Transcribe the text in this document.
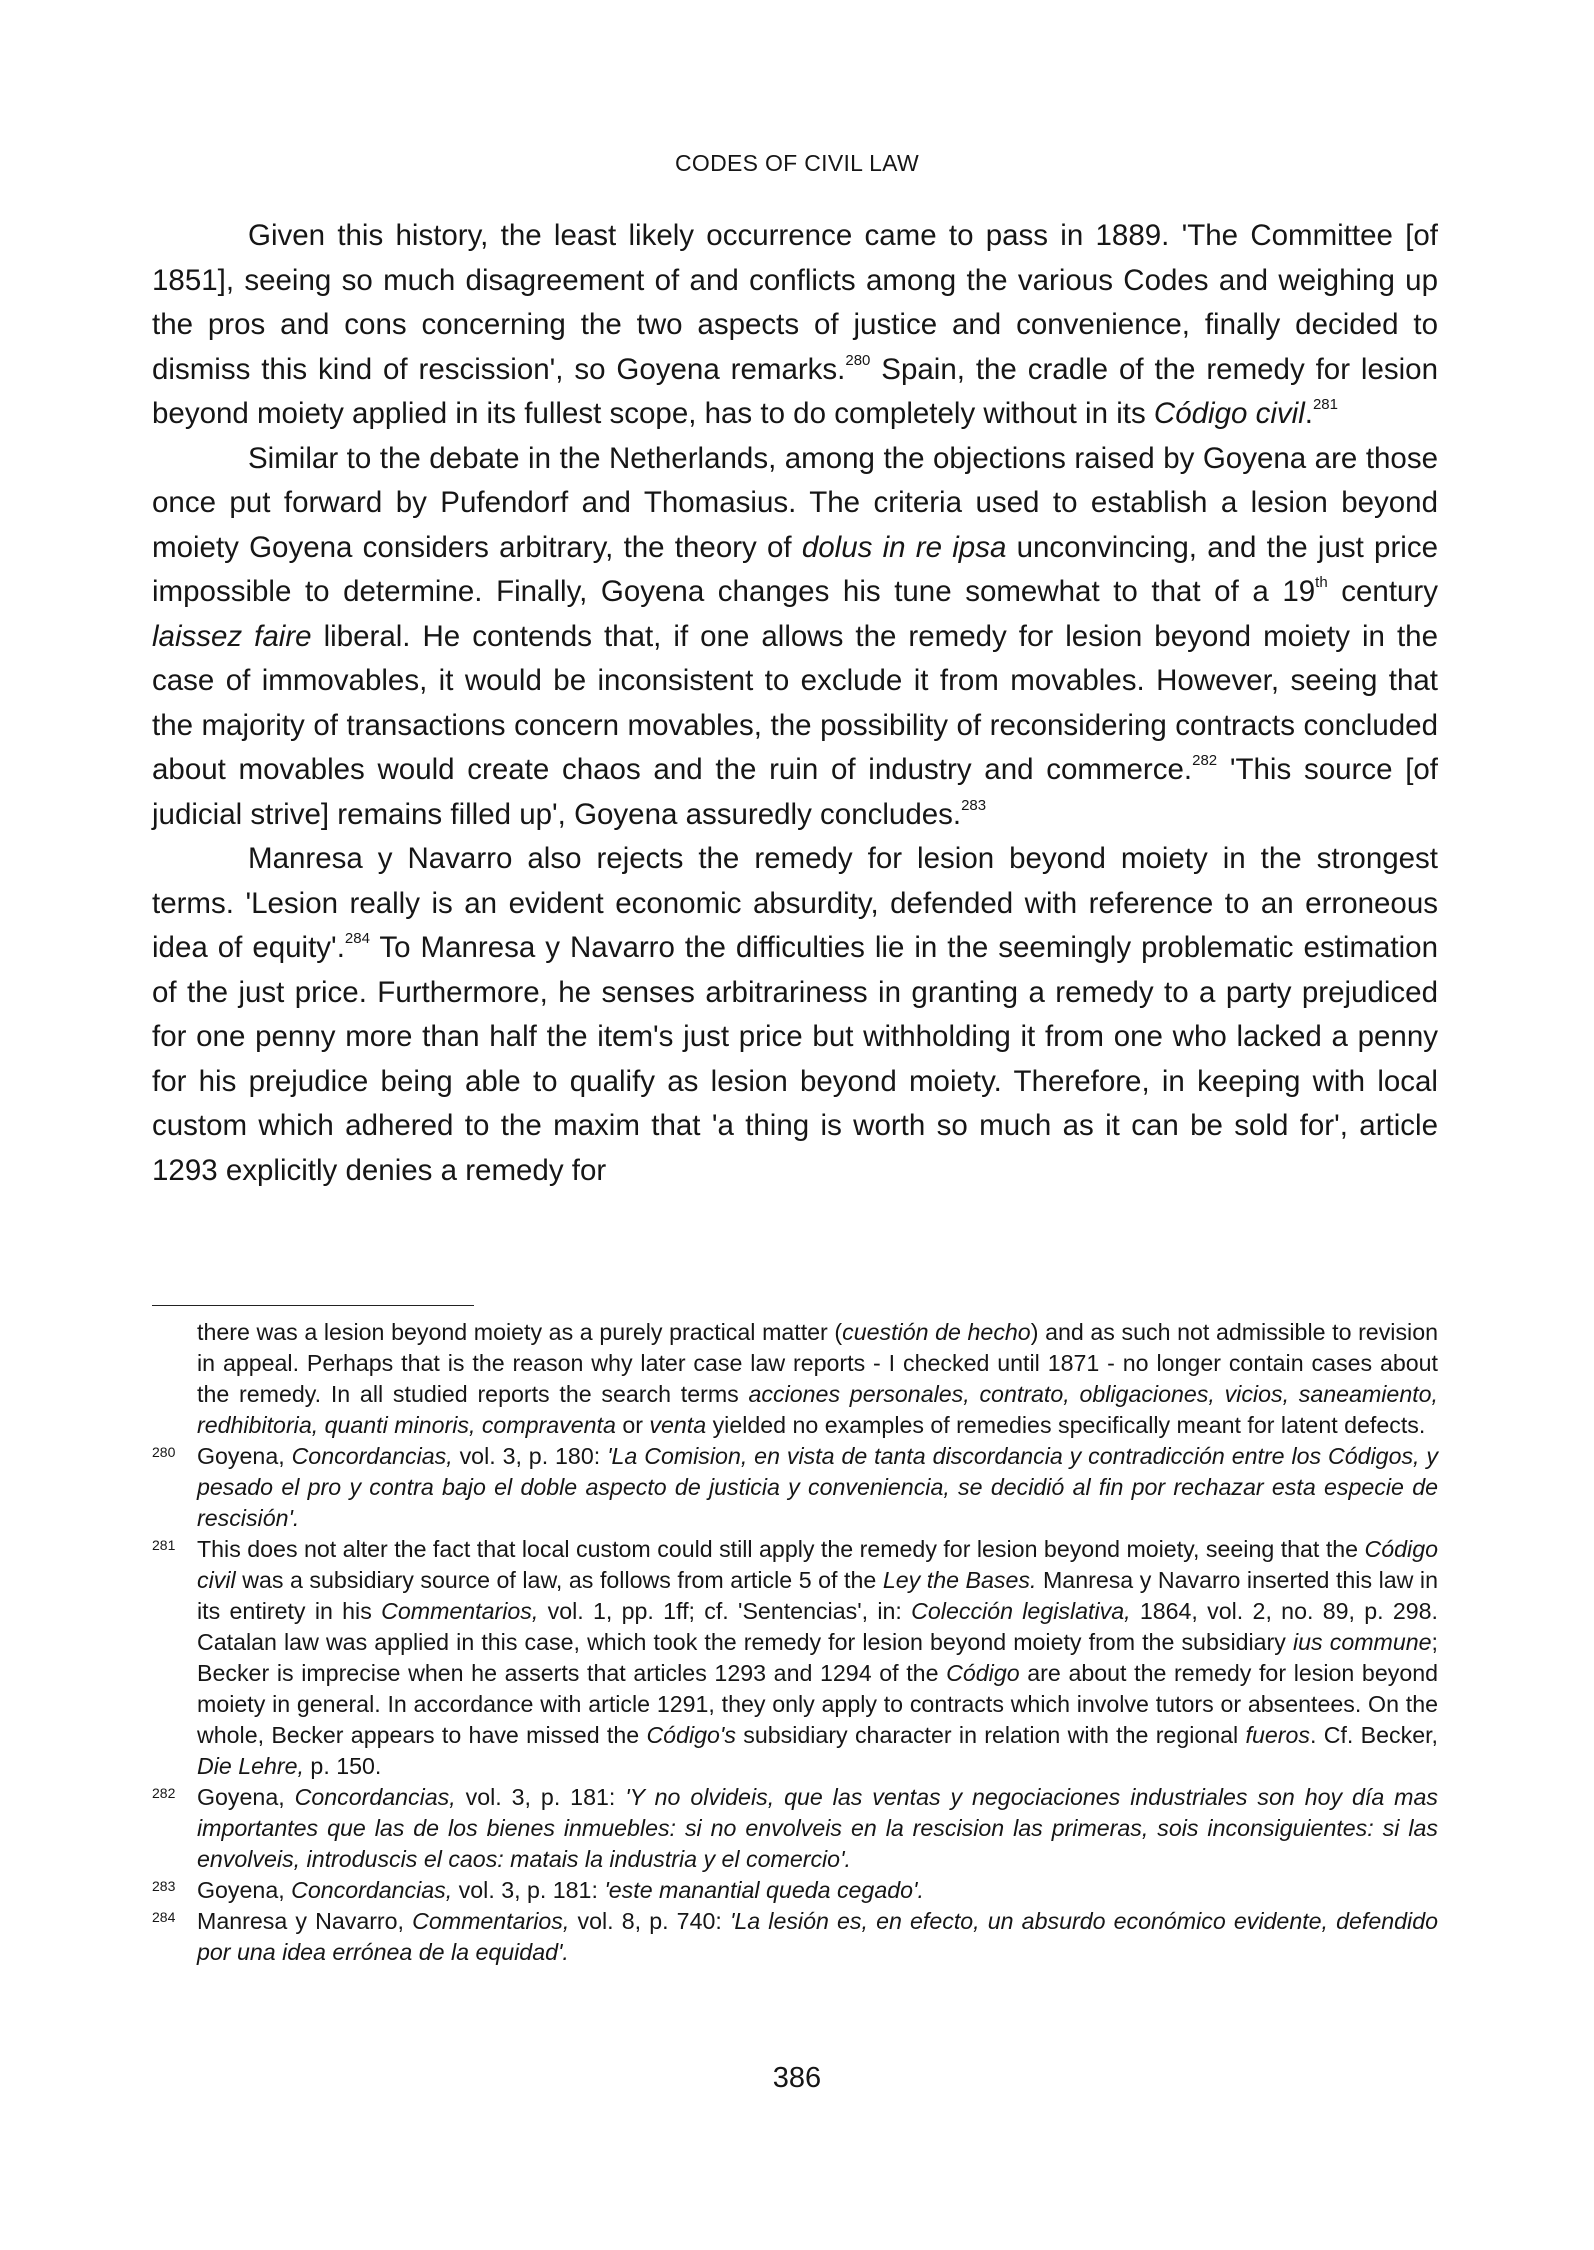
CODES OF CIVIL LAW

Given this history, the least likely occurrence came to pass in 1889. 'The Committee [of 1851], seeing so much disagreement of and conflicts among the various Codes and weighing up the pros and cons concerning the two aspects of justice and convenience, finally decided to dismiss this kind of rescission', so Goyena remarks.$^{280}$ Spain, the cradle of the remedy for lesion beyond moiety applied in its fullest scope, has to do completely without in its Código civil.$^{281}$

Similar to the debate in the Netherlands, among the objections raised by Goyena are those once put forward by Pufendorf and Thomasius. The criteria used to establish a lesion beyond moiety Goyena considers arbitrary, the theory of dolus in re ipsa unconvincing, and the just price impossible to determine. Finally, Goyena changes his tune somewhat to that of a 19th century laissez faire liberal. He contends that, if one allows the remedy for lesion beyond moiety in the case of immovables, it would be inconsistent to exclude it from movables. However, seeing that the majority of transactions concern movables, the possibility of reconsidering contracts concluded about movables would create chaos and the ruin of industry and commerce.$^{282}$ 'This source [of judicial strive] remains filled up', Goyena assuredly concludes.$^{283}$

Manresa y Navarro also rejects the remedy for lesion beyond moiety in the strongest terms. 'Lesion really is an evident economic absurdity, defended with reference to an erroneous idea of equity'.$^{284}$ To Manresa y Navarro the difficulties lie in the seemingly problematic estimation of the just price. Furthermore, he senses arbitrariness in granting a remedy to a party prejudiced for one penny more than half the item's just price but withholding it from one who lacked a penny for his prejudice being able to qualify as lesion beyond moiety. Therefore, in keeping with local custom which adhered to the maxim that 'a thing is worth so much as it can be sold for', article 1293 explicitly denies a remedy for

there was a lesion beyond moiety as a purely practical matter (cuestión de hecho) and as such not admissible to revision in appeal. Perhaps that is the reason why later case law reports - I checked until 1871 - no longer contain cases about the remedy. In all studied reports the search terms acciones personales, contrato, obligaciones, vicios, saneamiento, redhibitoria, quanti minoris, compraventa or venta yielded no examples of remedies specifically meant for latent defects.

280 Goyena, Concordancias, vol. 3, p. 180: 'La Comision, en vista de tanta discordancia y contradicción entre los Códigos, y pesado el pro y contra bajo el doble aspecto de justicia y conveniencia, se decidió al fin por rechazar esta especie de rescisión'.

281 This does not alter the fact that local custom could still apply the remedy for lesion beyond moiety, seeing that the Código civil was a subsidiary source of law, as follows from article 5 of the Ley the Bases. Manresa y Navarro inserted this law in its entirety in his Commentarios, vol. 1, pp. 1ff; cf. 'Sentencias', in: Colección legislativa, 1864, vol. 2, no. 89, p. 298. Catalan law was applied in this case, which took the remedy for lesion beyond moiety from the subsidiary ius commune; Becker is imprecise when he asserts that articles 1293 and 1294 of the Código are about the remedy for lesion beyond moiety in general. In accordance with article 1291, they only apply to contracts which involve tutors or absentees. On the whole, Becker appears to have missed the Código's subsidiary character in relation with the regional fueros. Cf. Becker, Die Lehre, p. 150.

282 Goyena, Concordancias, vol. 3, p. 181: 'Y no olvideis, que las ventas y negociaciones industriales son hoy día mas importantes que las de los bienes inmuebles: si no envolveis en la rescision las primeras, sois inconsiguientes: si las envolveis, introduscis el caos: matais la industria y el comercio'.

283 Goyena, Concordancias, vol. 3, p. 181: 'este manantial queda cegado'.

284 Manresa y Navarro, Commentarios, vol. 8, p. 740: 'La lesión es, en efecto, un absurdo económico evidente, defendido por una idea errónea de la equidad'.

386
